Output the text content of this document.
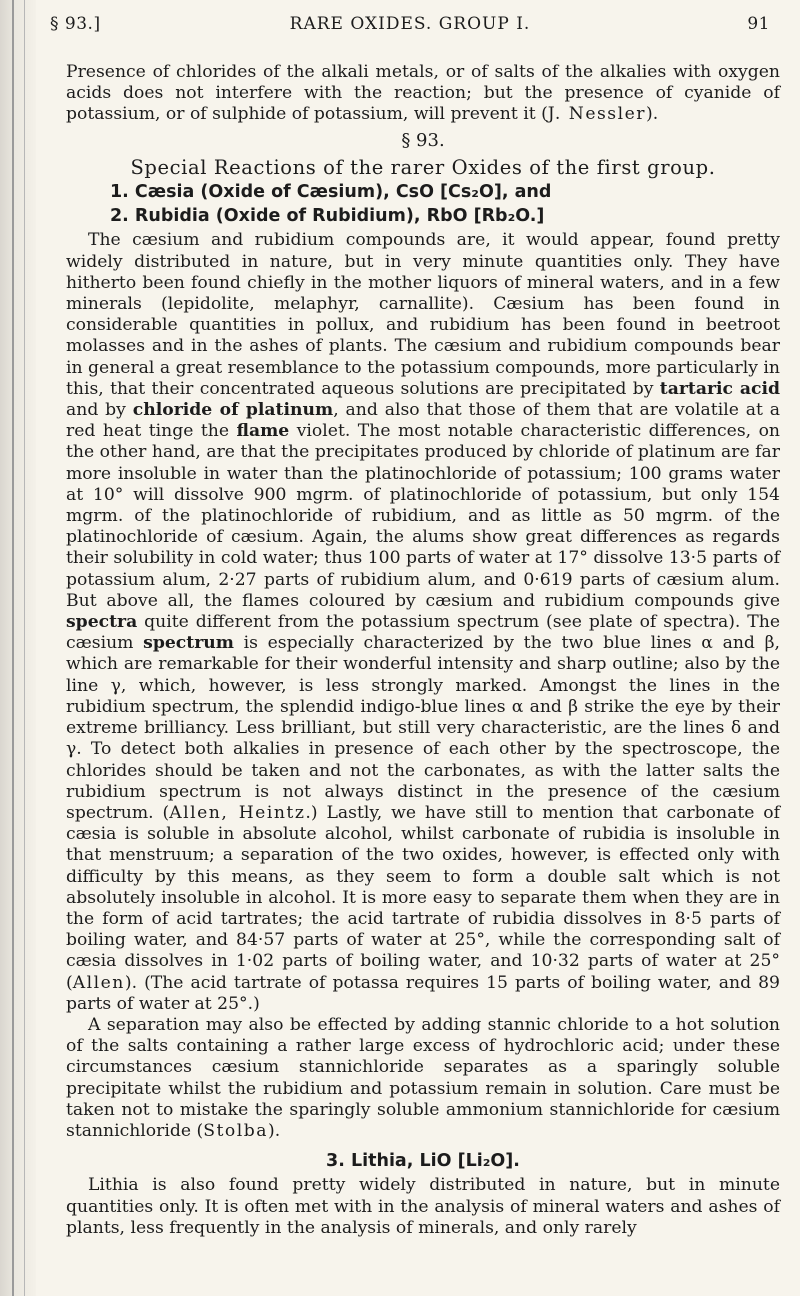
§ 93.]	RARE OXIDES. GROUP I.	91

Presence of chlorides of the alkali metals, or of salts of the alkalies with oxygen acids does not interfere with the reaction; but the presence of cyanide of potassium, or of sulphide of potassium, will prevent it (J. Nessler).

§ 93.

Special Reactions of the rarer Oxides of the first group.

1. Cæsia (Oxide of Cæsium), CsO [Cs₂O], and

2. Rubidia (Oxide of Rubidium), RbO [Rb₂O.]

The cæsium and rubidium compounds are, it would appear, found pretty widely distributed in nature, but in very minute quantities only. They have hitherto been found chiefly in the mother liquors of mineral waters, and in a few minerals (lepidolite, melaphyr, carnallite). Cæsium has been found in considerable quantities in pollux, and rubidium has been found in beetroot molasses and in the ashes of plants. The cæsium and rubidium compounds bear in general a great resemblance to the potassium compounds, more particularly in this, that their concentrated aqueous solutions are precipitated by tartaric acid and by chloride of platinum, and also that those of them that are volatile at a red heat tinge the flame violet. The most notable characteristic differences, on the other hand, are that the precipitates produced by chloride of platinum are far more insoluble in water than the platinochloride of potassium; 100 grams water at 10° will dissolve 900 mgrm. of platinochloride of potassium, but only 154 mgrm. of the platinochloride of rubidium, and as little as 50 mgrm. of the platinochloride of cæsium. Again, the alums show great differences as regards their solubility in cold water; thus 100 parts of water at 17° dissolve 13·5 parts of potassium alum, 2·27 parts of rubidium alum, and 0·619 parts of cæsium alum. But above all, the flames coloured by cæsium and rubidium compounds give spectra quite different from the potassium spectrum (see plate of spectra). The cæsium spectrum is especially characterized by the two blue lines α and β, which are remarkable for their wonderful intensity and sharp outline; also by the line γ, which, however, is less strongly marked. Amongst the lines in the rubidium spectrum, the splendid indigo-blue lines α and β strike the eye by their extreme brilliancy. Less brilliant, but still very characteristic, are the lines δ and γ. To detect both alkalies in presence of each other by the spectroscope, the chlorides should be taken and not the carbonates, as with the latter salts the rubidium spectrum is not always distinct in the presence of the cæsium spectrum. (Allen, Heintz.) Lastly, we have still to mention that carbonate of cæsia is soluble in absolute alcohol, whilst carbonate of rubidia is insoluble in that menstruum; a separation of the two oxides, however, is effected only with difficulty by this means, as they seem to form a double salt which is not absolutely insoluble in alcohol. It is more easy to separate them when they are in the form of acid tartrates; the acid tartrate of rubidia dissolves in 8·5 parts of boiling water, and 84·57 parts of water at 25°, while the corresponding salt of cæsia dissolves in 1·02 parts of boiling water, and 10·32 parts of water at 25° (Allen). (The acid tartrate of potassa requires 15 parts of boiling water, and 89 parts of water at 25°.)

A separation may also be effected by adding stannic chloride to a hot solution of the salts containing a rather large excess of hydrochloric acid; under these circumstances cæsium stannichloride separates as a sparingly soluble precipitate whilst the rubidium and potassium remain in solution. Care must be taken not to mistake the sparingly soluble ammonium stannichloride for cæsium stannichloride (Stolba).

3. Lithia, LiO [Li₂O].

Lithia is also found pretty widely distributed in nature, but in minute quantities only. It is often met with in the analysis of mineral waters and ashes of plants, less frequently in the analysis of minerals, and only rarely
